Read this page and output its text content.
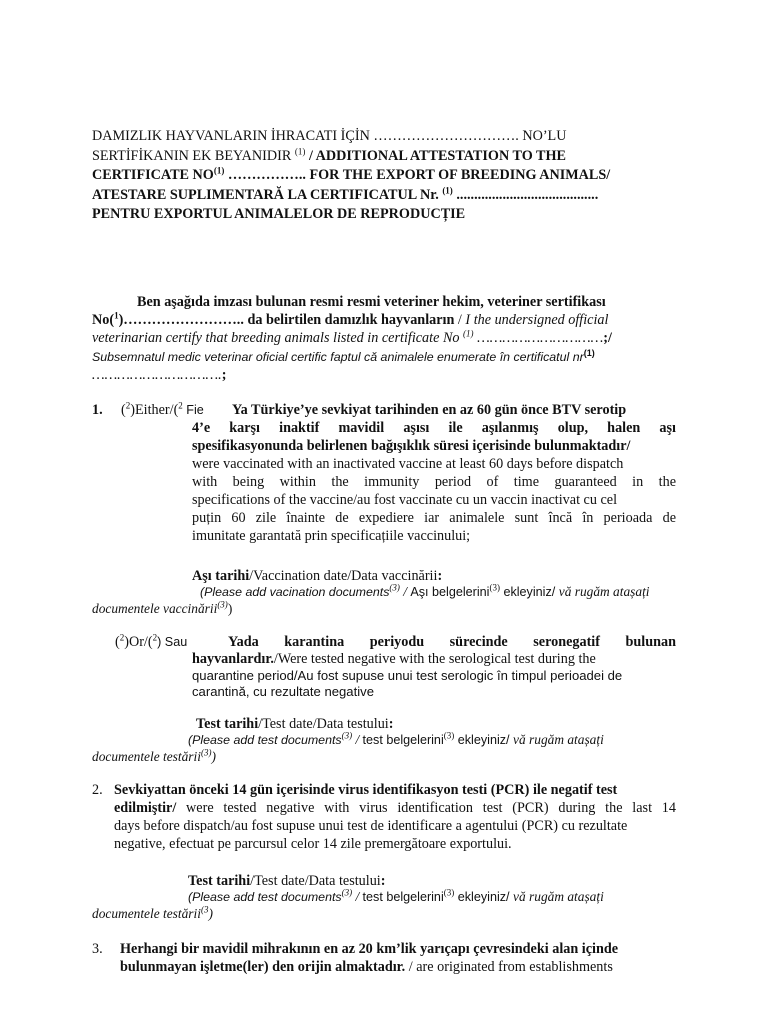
DAMIZLIK HAYVANLARIN İHRACATI İÇİN …………………………. NO’LU

SERTİFİKANIN EK BEYANIDIR $^{(1)}$ / ADDITIONAL ATTESTATION TO THE

CERTIFICATE NO$^{(1)}$ …………….. FOR THE EXPORT OF BREEDING ANIMALS/

ATESTARE SUPLIMENTARĂ LA CERTIFICATUL Nr. $^{(1)}$ ........................................

PENTRU EXPORTUL ANIMALELOR DE REPRODUCȚIE

Ben aşağıda imzası bulunan resmi resmi veteriner hekim, veteriner sertifikası
No($^1$)…………………….. da belirtilen damızlık hayvanların / I the undersigned official
veterinarian certify that breeding animals listed in certificate No $^{(1)}$ …………………………;/
Subsemnatul medic veterinar oficial certific faptul că animalele enumerate în certificatul $nr^{(1)}$
………………………….;
1. ($^2$)Either/($^2$ Fie Ya Türkiye’ye sevkiyat tarihinden en az 60 gün önce BTV serotip
4’e karşı inaktif mavidil aşısı ile aşılanmış olup, halen aşı
spesifikasyonunda belirlenen bağışıklık süresi içerisinde bulunmaktadır/
were vaccinated with an inactivated vaccine at least 60 days before dispatch
with being within the immunity period of time guaranteed in the
specifications of the vaccine/au fost vaccinate cu un vaccin inactivat cu cel
puțin 60 zile înainte de expediere iar animalele sunt încă în perioada de
imunitate garantată prin specificațiile vaccinului;
Aşı tarihi/Vaccination date/Data vaccinării:
(Please add vacination documents$^{(3)}$ / Aşı belgelerini$^{(3)}$ ekleyiniz/ vă rugăm atașați
documentele vaccinării$^{(3)}$)
($^2$)Or/($^2$) Sau	Yada karantina periyodu sürecinde seronegatif bulunan
hayvanlardır./Were tested negative with the serological test during the
quarantine period/Au fost supuse unui test serologic în timpul perioadei de
carantină, cu rezultate negative
Test tarihi/Test date/Data testului:
(Please add test documents$^{(3)}$ / test belgelerini$^{(3)}$ ekleyiniz/ vă rugăm atașați
documentele testării$^{(3)}$)
2. Sevkiyattan önceki 14 gün içerisinde virus identifikasyon testi (PCR) ile negatif test
edilmiştir/ were tested negative with virus identification test (PCR) during the last 14
days before dispatch/au fost supuse unui test de identificare a agentului (PCR) cu rezultate
negative, efectuat pe parcursul celor 14 zile premergătoare exportului.
Test tarihi/Test date/Data testului:
(Please add test documents$^{(3)}$ / test belgelerini$^{(3)}$ ekleyiniz/ vă rugăm atașați
documentele testării$^{(3}$)
3. Herhangi bir mavidil mihrakının en az 20 km’lik yarıçapı çevresindeki alan içinde
bulunmayan işletme(ler) den orijin almaktadır. / are originated from establishments
